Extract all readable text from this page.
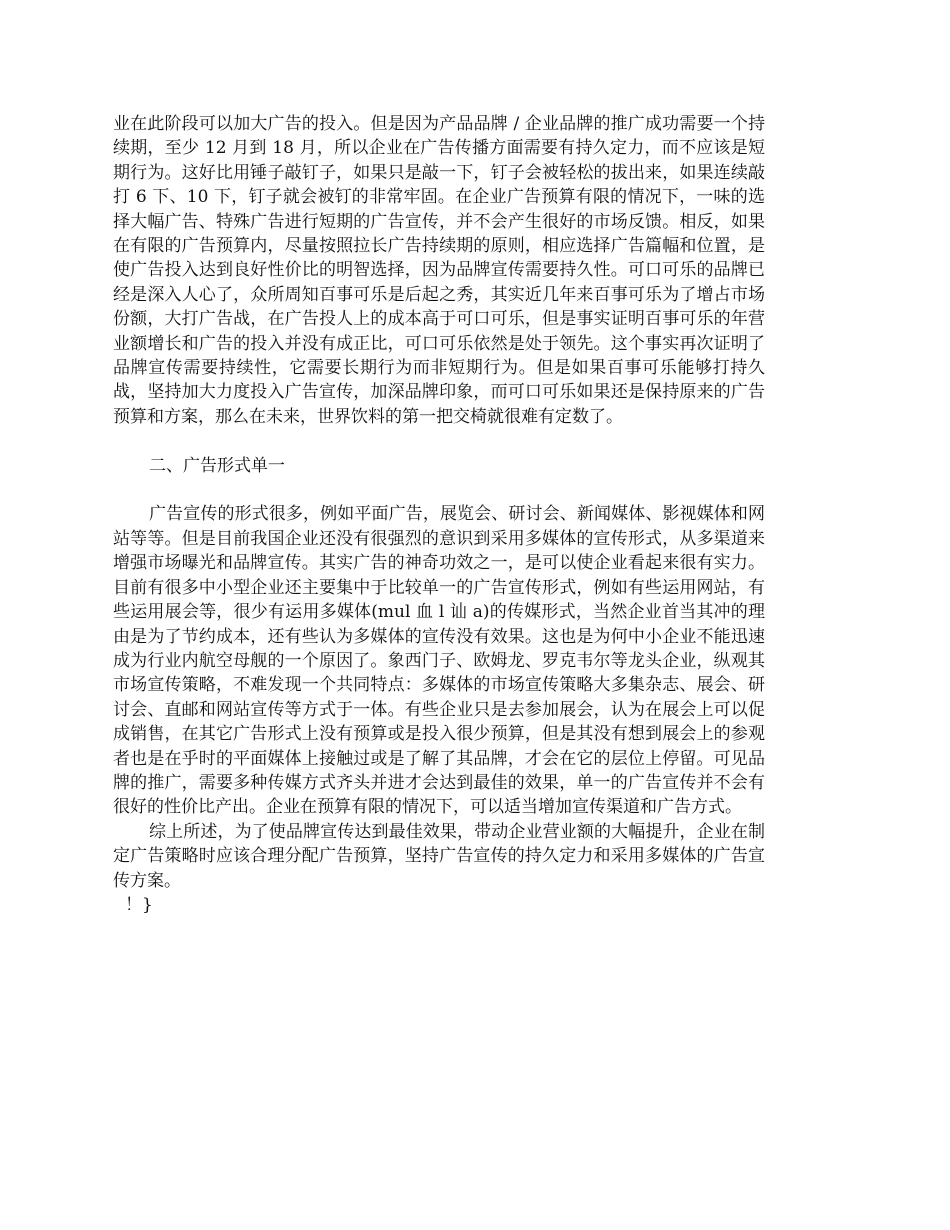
业在此阶段可以加大广告的投入。但是因为产品品牌 / 企业品牌的推广成功需要一个持续期，至少 12 月到 18 月，所以企业在广告传播方面需要有持久定力，而不应该是短期行为。这好比用锤子敲钉子，如果只是敲一下，钉子会被轻松的拔出来，如果连续敲打 6 下、10 下，钉子就会被钉的非常牢固。在企业广告预算有限的情况下，一味的选择大幅广告、特殊广告进行短期的广告宣传，并不会产生很好的市场反馈。相反，如果在有限的广告预算内，尽量按照拉长广告持续期的原则，相应选择广告篇幅和位置，是使广告投入达到良好性价比的明智选择，因为品牌宣传需要持久性。可口可乐的品牌已经是深入人心了，众所周知百事可乐是后起之秀，其实近几年来百事可乐为了增占市场份额，大打广告战，在广告投人上的成本高于可口可乐，但是事实证明百事可乐的年营业额增长和广告的投入并没有成正比，可口可乐依然是处于领先。这个事实再次证明了品牌宣传需要持续性，它需要长期行为而非短期行为。但是如果百事可乐能够打持久战，坚持加大力度投入广告宣传，加深品牌印象，而可口可乐如果还是保持原来的广告预算和方案，那么在未来，世界饮料的第一把交椅就很难有定数了。

二、广告形式单一

广告宣传的形式很多，例如平面广告，展览会、研讨会、新闻媒体、影视媒体和网站等等。但是目前我国企业还没有很强烈的意识到采用多媒体的宣传形式，从多渠道来增强市场曝光和品牌宣传。其实广告的神奇功效之一，是可以使企业看起来很有实力。目前有很多中小型企业还主要集中于比较单一的广告宣传形式，例如有些运用网站，有些运用展会等，很少有运用多媒体(mul 血 l 讪 a)的传媒形式，当然企业首当其冲的理由是为了节约成本，还有些认为多媒体的宣传没有效果。这也是为何中小企业不能迅速成为行业内航空母舰的一个原因了。象西门子、欧姆龙、罗克韦尔等龙头企业，纵观其市场宣传策略，不难发现一个共同特点：多媒体的市场宣传策略大多集杂志、展会、研讨会、直邮和网站宣传等方式于一体。有些企业只是去参加展会，认为在展会上可以促成销售，在其它广告形式上没有预算或是投入很少预算，但是其没有想到展会上的参观者也是在乎时的平面媒体上接触过或是了解了其品牌，才会在它的层位上停留。可见品牌的推广，需要多种传媒方式齐头并进才会达到最佳的效果，单一的广告宣传并不会有很好的性价比产出。企业在预算有限的情况下，可以适当增加宣传渠道和广告方式。

综上所述，为了使品牌宣传达到最佳效果，带动企业营业额的大幅提升，企业在制定广告策略时应该合理分配广告预算，坚持广告宣传的持久定力和采用多媒体的广告宣传方案。

！}
